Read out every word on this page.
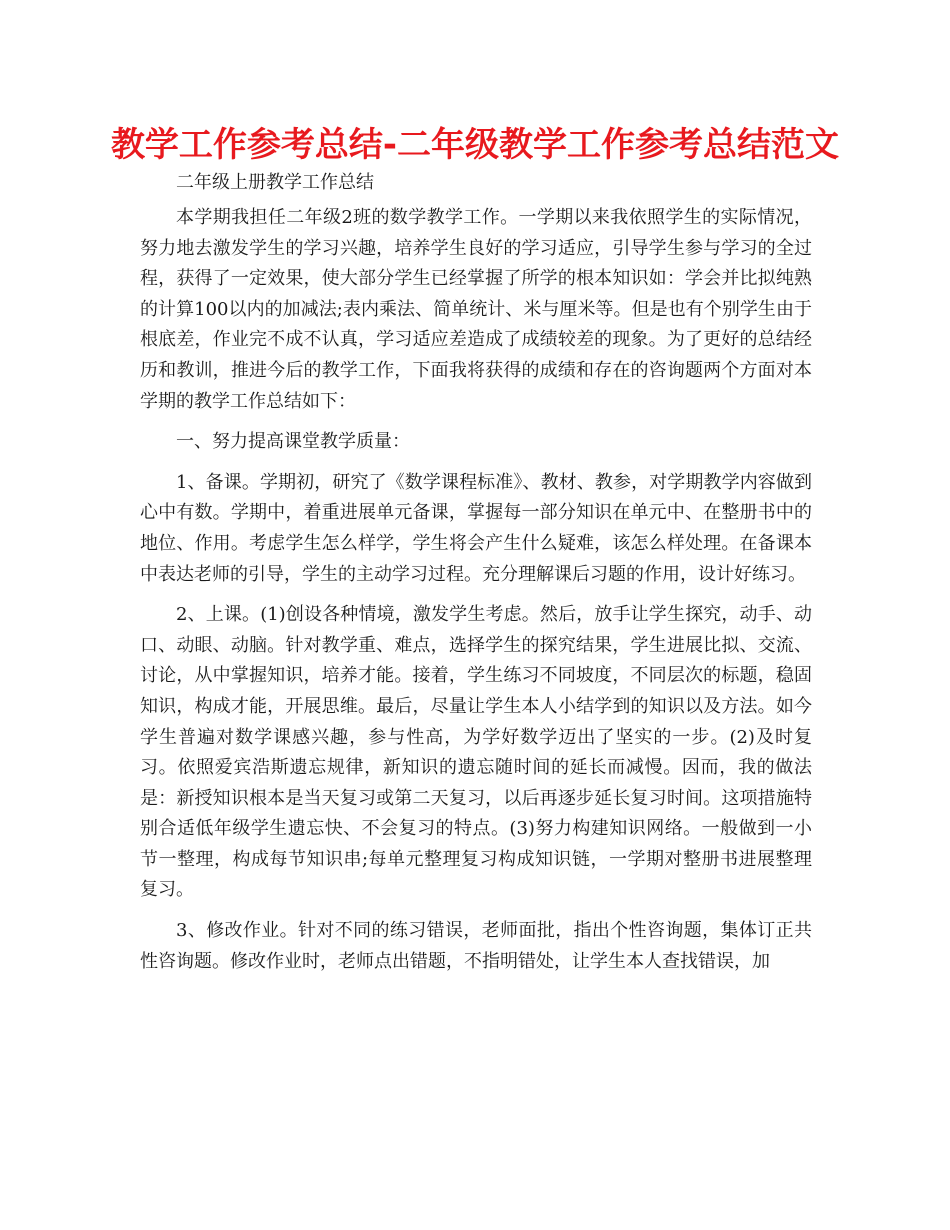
教学工作参考总结-二年级教学工作参考总结范文

二年级上册教学工作总结

本学期我担任二年级2班的数学教学工作。一学期以来我依照学生的实际情况，努力地去激发学生的学习兴趣，培养学生良好的学习适应，引导学生参与学习的全过程，获得了一定效果，使大部分学生已经掌握了所学的根本知识如：学会并比拟纯熟的计算100以内的加减法;表内乘法、简单统计、米与厘米等。但是也有个别学生由于根底差，作业完不成不认真，学习适应差造成了成绩较差的现象。为了更好的总结经历和教训，推进今后的教学工作，下面我将获得的成绩和存在的咨询题两个方面对本学期的教学工作总结如下：

一、努力提高课堂教学质量：

1、备课。学期初，研究了《数学课程标准》、教材、教参，对学期教学内容做到心中有数。学期中，着重进展单元备课，掌握每一部分知识在单元中、在整册书中的地位、作用。考虑学生怎么样学，学生将会产生什么疑难，该怎么样处理。在备课本中表达老师的引导，学生的主动学习过程。充分理解课后习题的作用，设计好练习。

2、上课。(1)创设各种情境，激发学生考虑。然后，放手让学生探究，动手、动口、动眼、动脑。针对教学重、难点，选择学生的探究结果，学生进展比拟、交流、讨论，从中掌握知识，培养才能。接着，学生练习不同坡度，不同层次的标题，稳固知识，构成才能，开展思维。最后，尽量让学生本人小结学到的知识以及方法。如今学生普遍对数学课感兴趣，参与性高，为学好数学迈出了坚实的一步。(2)及时复习。依照爱宾浩斯遗忘规律，新知识的遗忘随时间的延长而减慢。因而，我的做法是：新授知识根本是当天复习或第二天复习，以后再逐步延长复习时间。这项措施特别合适低年级学生遗忘快、不会复习的特点。(3)努力构建知识网络。一般做到一小节一整理，构成每节知识串;每单元整理复习构成知识链，一学期对整册书进展整理复习。

3、修改作业。针对不同的练习错误，老师面批，指出个性咨询题，集体订正共性咨询题。修改作业时，老师点出错题，不指明错处，让学生本人查找错误，加
